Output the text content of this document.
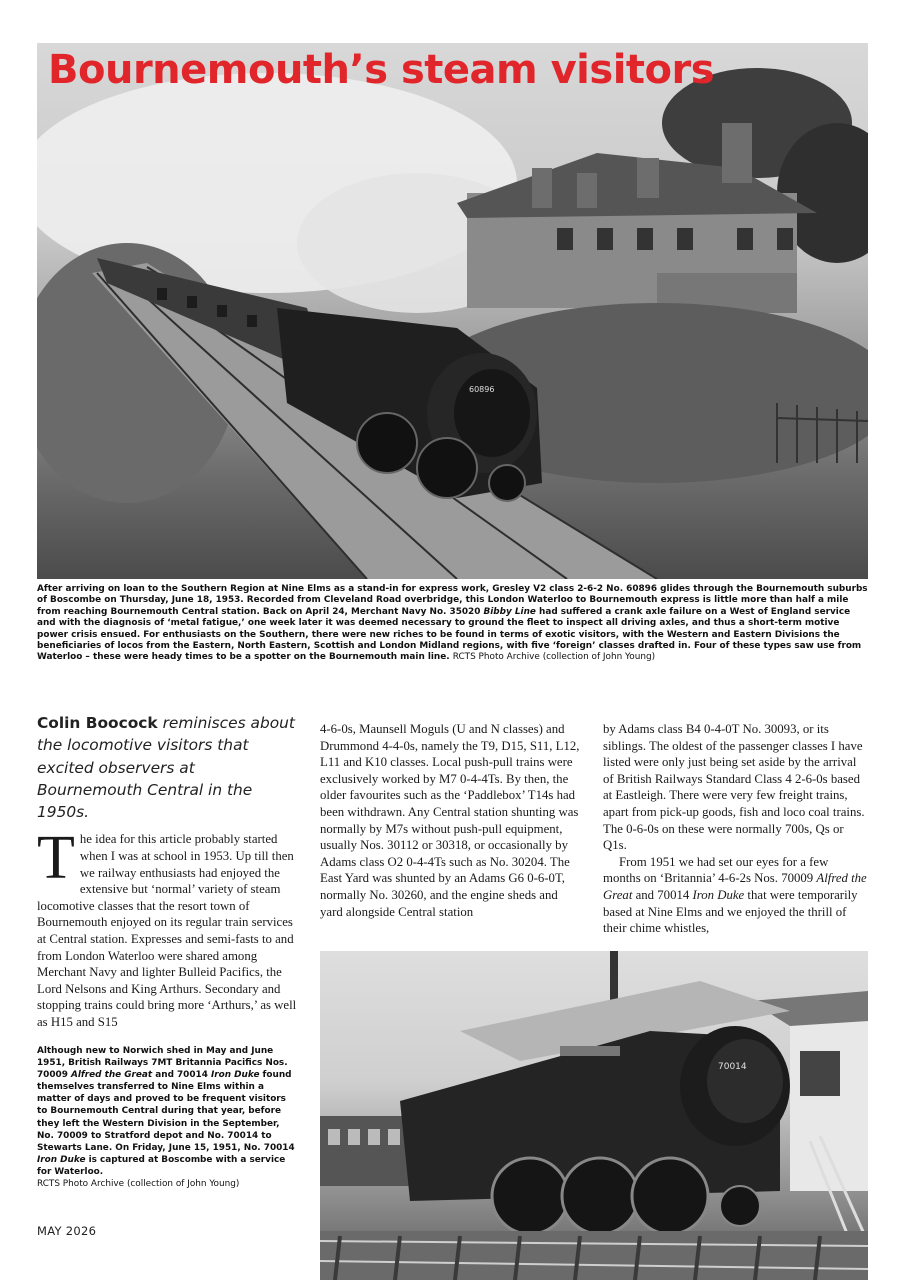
60896
Bournemouth’s steam visitors
After arriving on loan to the Southern Region at Nine Elms as a stand-in for express work, Gresley V2 class 2-6-2 No. 60896 glides through the Bournemouth suburbs of Boscombe on Thursday, June 18, 1953. Recorded from Cleveland Road overbridge, this London Waterloo to Bournemouth express is little more than half a mile from reaching Bournemouth Central station. Back on April 24, Merchant Navy No. 35020 Bibby Line had suffered a crank axle failure on a West of England service and with the diagnosis of ‘metal fatigue,’ one week later it was deemed necessary to ground the fleet to inspect all driving axles, and thus a short-term motive power crisis ensued. For enthusiasts on the Southern, there were new riches to be found in terms of exotic visitors, with the Western and Eastern Divisions the beneficiaries of locos from the Eastern, North Eastern, Scottish and London Midland regions, with five ‘foreign’ classes drafted in. Four of these types saw use from Waterloo – these were heady times to be a spotter on the Bournemouth main line. RCTS Photo Archive (collection of John Young)

Colin Boocock reminisces about the locomotive visitors that excited observers at Bournemouth Central in the 1950s.

The idea for this article probably started when I was at school in 1953. Up till then we railway enthusiasts had enjoyed the extensive but ‘normal’ variety of steam locomotive classes that the resort town of Bournemouth enjoyed on its regular train services at Central station. Expresses and semi-fasts to and from London Waterloo were shared among Merchant Navy and lighter Bulleid Pacifics, the Lord Nelsons and King Arthurs. Secondary and stopping trains could bring more ‘Arthurs,’ as well as H15 and S15

Although new to Norwich shed in May and June 1951, British Railways 7MT Britannia Pacifics Nos. 70009 Alfred the Great and 70014 Iron Duke found themselves transferred to Nine Elms within a matter of days and proved to be frequent visitors to Bournemouth Central during that year, before they left the Western Division in the September, No. 70009 to Stratford depot and No. 70014 to Stewarts Lane. On Friday, June 15, 1951, No. 70014 Iron Duke is captured at Boscombe with a service for Waterloo.
RCTS Photo Archive (collection of John Young)
MAY 2026

4-6-0s, Maunsell Moguls (U and N classes) and Drummond 4-4-0s, namely the T9, D15, S11, L12, L11 and K10 classes. Local push-pull trains were exclusively worked by M7 0-4-4Ts. By then, the older favourites such as the ‘Paddlebox’ T14s had been withdrawn. Any Central station shunting was normally by M7s without push-pull equipment, usually Nos. 30112 or 30318, or occasionally by Adams class O2 0-4-4Ts such as No. 30204. The East Yard was shunted by an Adams G6 0-6-0T, normally No. 30260, and the engine sheds and yard alongside Central station

by Adams class B4 0-4-0T No. 30093, or its siblings. The oldest of the passenger classes I have listed were only just being set aside by the arrival of British Railways Standard Class 4 2-6-0s based at Eastleigh. There were very few freight trains, apart from pick-up goods, fish and loco coal trains. The 0-6-0s on these were normally 700s, Qs or Q1s.

From 1951 we had set our eyes for a few months on ‘Britannia’ 4-6-2s Nos. 70009 Alfred the Great and 70014 Iron Duke that were temporarily based at Nine Elms and we enjoyed the thrill of their chime whistles,

70014
